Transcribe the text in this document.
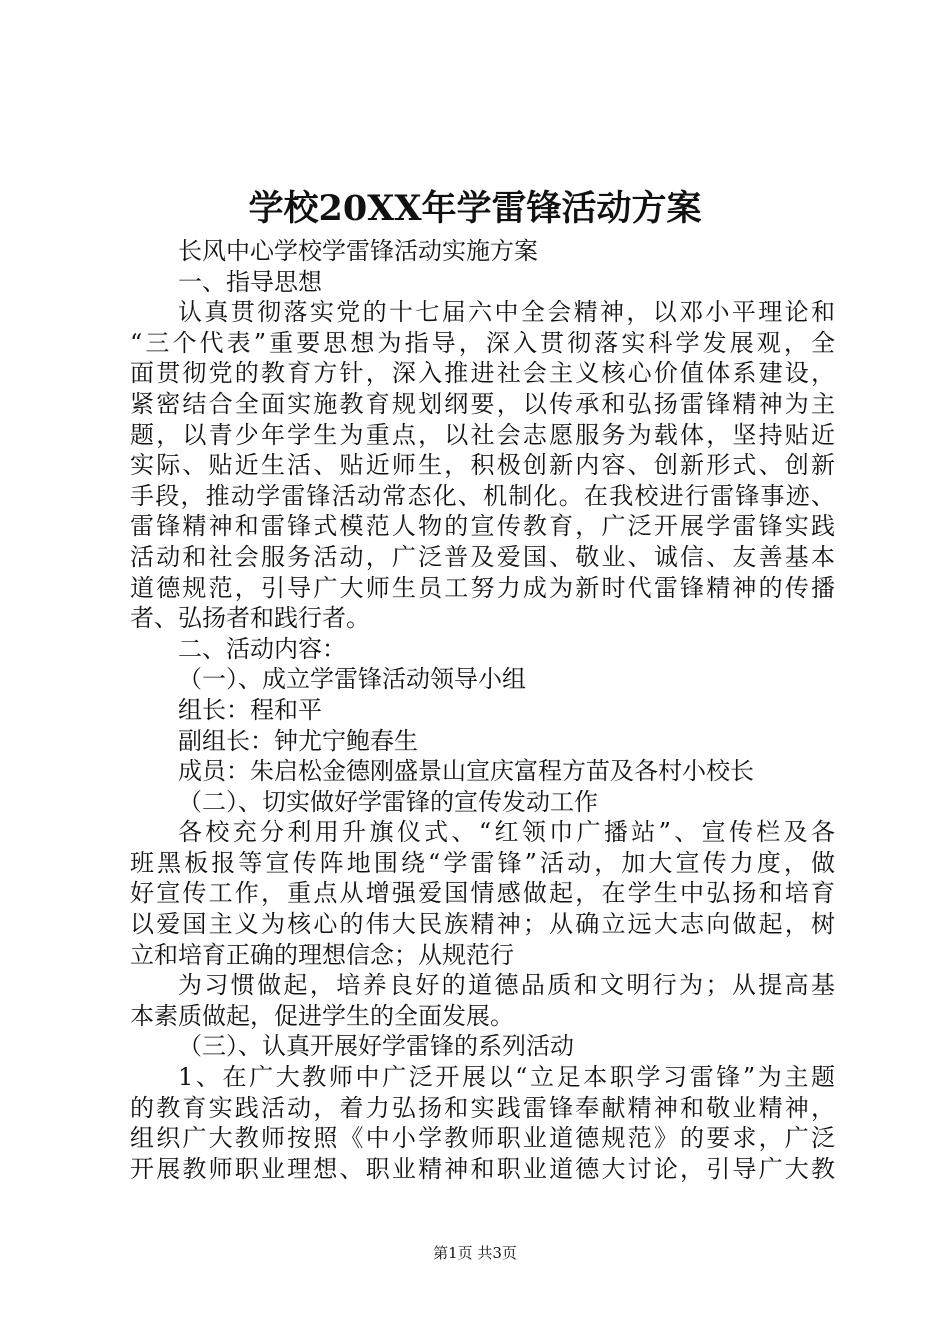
学校20XX年学雷锋活动方案
长风中心学校学雷锋活动实施方案
一、指导思想
认真贯彻落实党的十七届六中全会精神，以邓小平理论和
“三个代表”重要思想为指导，深入贯彻落实科学发展观，全
面贯彻党的教育方针，深入推进社会主义核心价值体系建设，
紧密结合全面实施教育规划纲要，以传承和弘扬雷锋精神为主
题，以青少年学生为重点，以社会志愿服务为载体，坚持贴近
实际、贴近生活、贴近师生，积极创新内容、创新形式、创新
手段，推动学雷锋活动常态化、机制化。在我校进行雷锋事迹、
雷锋精神和雷锋式模范人物的宣传教育，广泛开展学雷锋实践
活动和社会服务活动，广泛普及爱国、敬业、诚信、友善基本
道德规范，引导广大师生员工努力成为新时代雷锋精神的传播
者、弘扬者和践行者。
二、活动内容：
（一）、成立学雷锋活动领导小组
组长：程和平
副组长：钟尤宁鲍春生
成员：朱启松金德刚盛景山宣庆富程方苗及各村小校长
（二）、切实做好学雷锋的宣传发动工作
各校充分利用升旗仪式、“红领巾广播站”、宣传栏及各
班黑板报等宣传阵地围绕“学雷锋”活动，加大宣传力度，做
好宣传工作，重点从增强爱国情感做起，在学生中弘扬和培育
以爱国主义为核心的伟大民族精神；从确立远大志向做起，树
立和培育正确的理想信念；从规范行
为习惯做起，培养良好的道德品质和文明行为；从提高基
本素质做起，促进学生的全面发展。
（三）、认真开展好学雷锋的系列活动
1、在广大教师中广泛开展以“立足本职学习雷锋”为主题
的教育实践活动，着力弘扬和实践雷锋奉献精神和敬业精神，
组织广大教师按照《中小学教师职业道德规范》的要求，广泛
开展教师职业理想、职业精神和职业道德大讨论，引导广大教
第1页 共3页
